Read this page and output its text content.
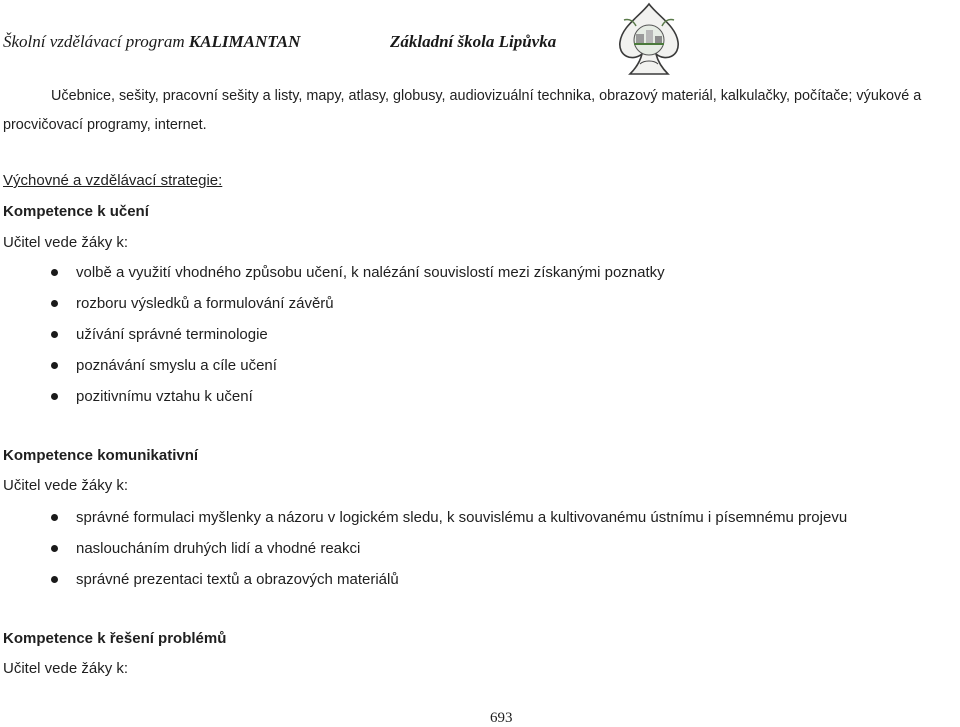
Školní vzdělávací program KALIMANTAN	Základní škola Lipůvka
Učebnice, sešity, pracovní sešity a listy, mapy, atlasy, globusy, audiovizuální technika, obrazový materiál, kalkulačky, počítače; výukové a
procvičovací programy, internet.
Výchovné a vzdělávací strategie:
Kompetence k učení
Učitel vede žáky k:
volbě a využití vhodného způsobu učení, k nalézání souvislostí mezi získanými poznatky
rozboru výsledků a formulování závěrů
užívání správné terminologie
poznávání smyslu a cíle učení
pozitivnímu vztahu k učení
Kompetence komunikativní
Učitel vede žáky k:
správné formulaci myšlenky a názoru v logickém sledu, k souvislému a kultivovanému ústnímu i písemnému projevu
nasloucháním druhých lidí a vhodné reakci
správné prezentaci textů a obrazových materiálů
Kompetence k řešení problémů
Učitel vede žáky k:
693
